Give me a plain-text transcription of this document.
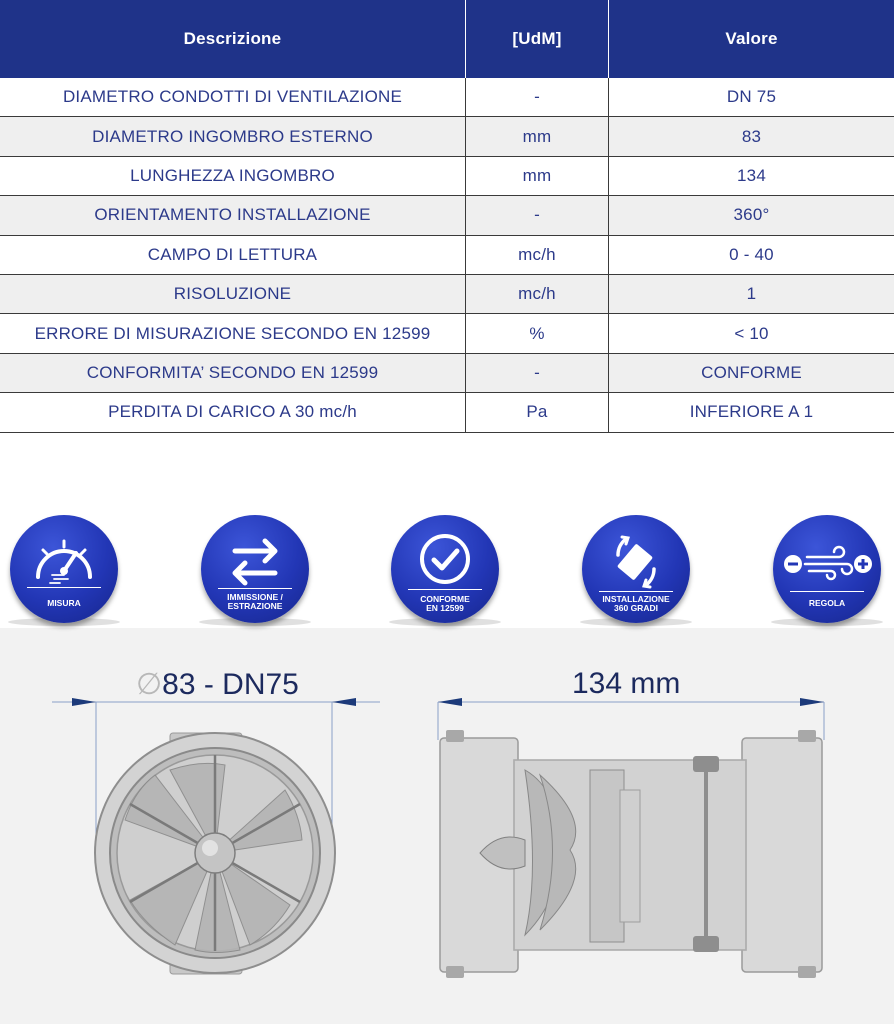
Descrizione	[UdM]	Valore
DIAMETRO CONDOTTI DI VENTILAZIONE	-	DN 75
DIAMETRO INGOMBRO ESTERNO	mm	83
LUNGHEZZA INGOMBRO	mm	134
ORIENTAMENTO INSTALLAZIONE	-	360°
CAMPO DI LETTURA	mc/h	0 - 40
RISOLUZIONE	mc/h	1
ERRORE DI MISURAZIONE SECONDO EN 12599	%	< 10
CONFORMITA’ SECONDO EN 12599	-	CONFORME
PERDITA DI CARICO A 30 mc/h	Pa	INFERIORE A 1
MISURA
IMMISSIONE /
ESTRAZIONE
CONFORME
EN 12599
INSTALLAZIONE
360 GRADI	REGOLA
∅83 - DN75	134 mm
